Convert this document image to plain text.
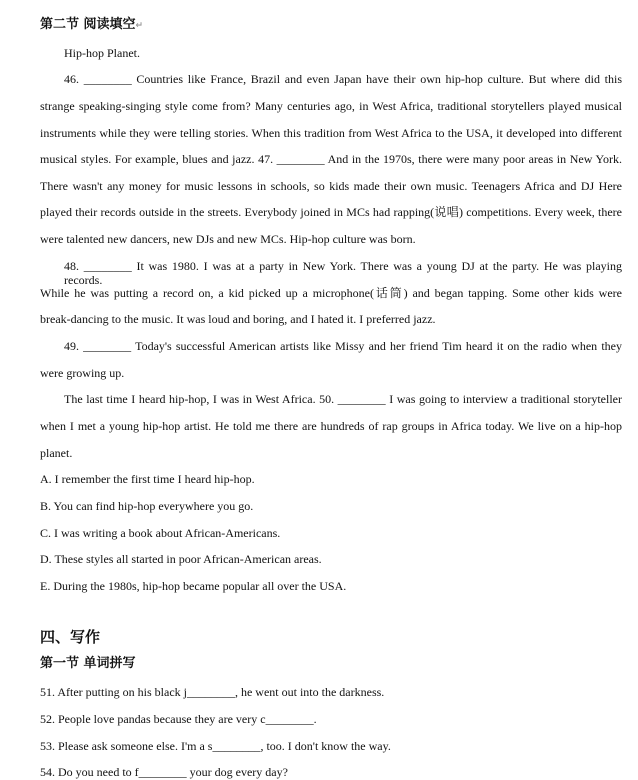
第二节 阅读填空↵
Hip-hop Planet.
46. ________ Countries like France, Brazil and even Japan have their own hip-hop culture. But where did this
strange speaking-singing style come from? Many centuries ago, in West Africa, traditional storytellers played musical
instruments while they were telling stories. When this tradition from West Africa to the USA, it developed into different
musical styles. For example, blues and jazz. 47. ________ And in the 1970s, there were many poor areas in New York.
There wasn't any money for music lessons in schools, so kids made their own music. Teenagers Africa and DJ Here
played their records outside in the streets. Everybody joined in MCs had rapping(说唱) competitions. Every week, there
were talented new dancers, new DJs and new MCs. Hip-hop culture was born.
48. ________ It was 1980. I was at a party in New York. There was a young DJ at the party. He was playing records.
While he was putting a record on, a kid picked up a microphone(话筒) and began tapping. Some other kids were
break-dancing to the music. It was loud and boring, and I hated it. I preferred jazz.
49. ________ Today's successful American artists like Missy and her friend Tim heard it on the radio when they
were growing up.
The last time I heard hip-hop, I was in West Africa. 50. ________ I was going to interview a traditional storyteller
when I met a young hip-hop artist. He told me there are hundreds of rap groups in Africa today. We live on a hip-hop
planet.
A. I remember the first time I heard hip-hop.
B. You can find hip-hop everywhere you go.
C. I was writing a book about African-Americans.
D. These styles all started in poor African-American areas.
E. During the 1980s, hip-hop became popular all over the USA.
四、写作
第一节 单词拼写
51. After putting on his black j________, he went out into the darkness.
52. People love pandas because they are very c________.
53. Please ask someone else. I'm a s________, too. I don't know the way.
54. Do you need to f________ your dog every day?
